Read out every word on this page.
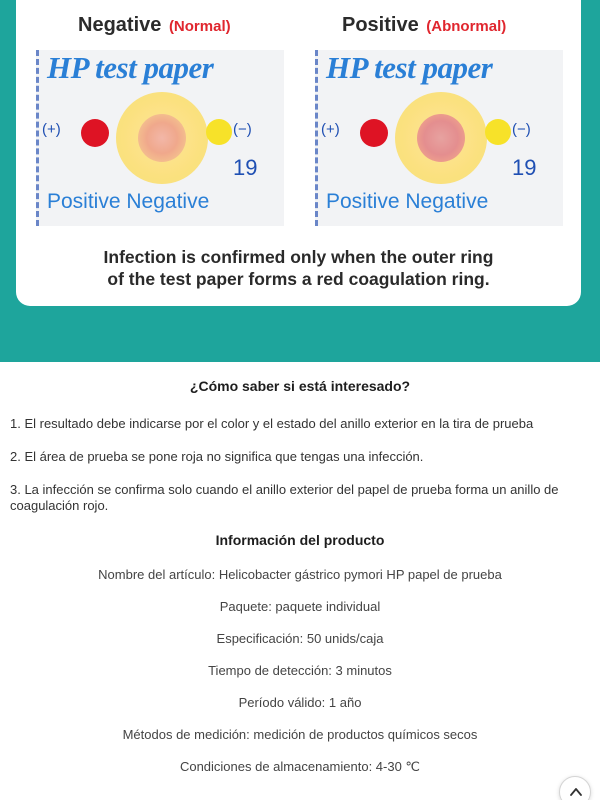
Negative (Normal)	Positive (Abnormal)
HP test paper
(+)	(−)
19
Positive Negative
HP test paper
(+)	(−)
19
Positive Negative
Infection is confirmed only when the outer ring
of the test paper forms a red coagulation ring.
¿Cómo saber si está interesado?
1. El resultado debe indicarse por el color y el estado del anillo exterior en la tira de prueba
2. El área de prueba se pone roja no significa que tengas una infección.
3. La infección se confirma solo cuando el anillo exterior del papel de prueba forma un anillo de coagulación rojo.
Información del producto
Nombre del artículo: Helicobacter gástrico pymori HP papel de prueba
Paquete: paquete individual
Especificación: 50 unids/caja
Tiempo de detección: 3 minutos
Período válido: 1 año
Métodos de medición: medición de productos químicos secos
Condiciones de almacenamiento: 4-30 ℃
